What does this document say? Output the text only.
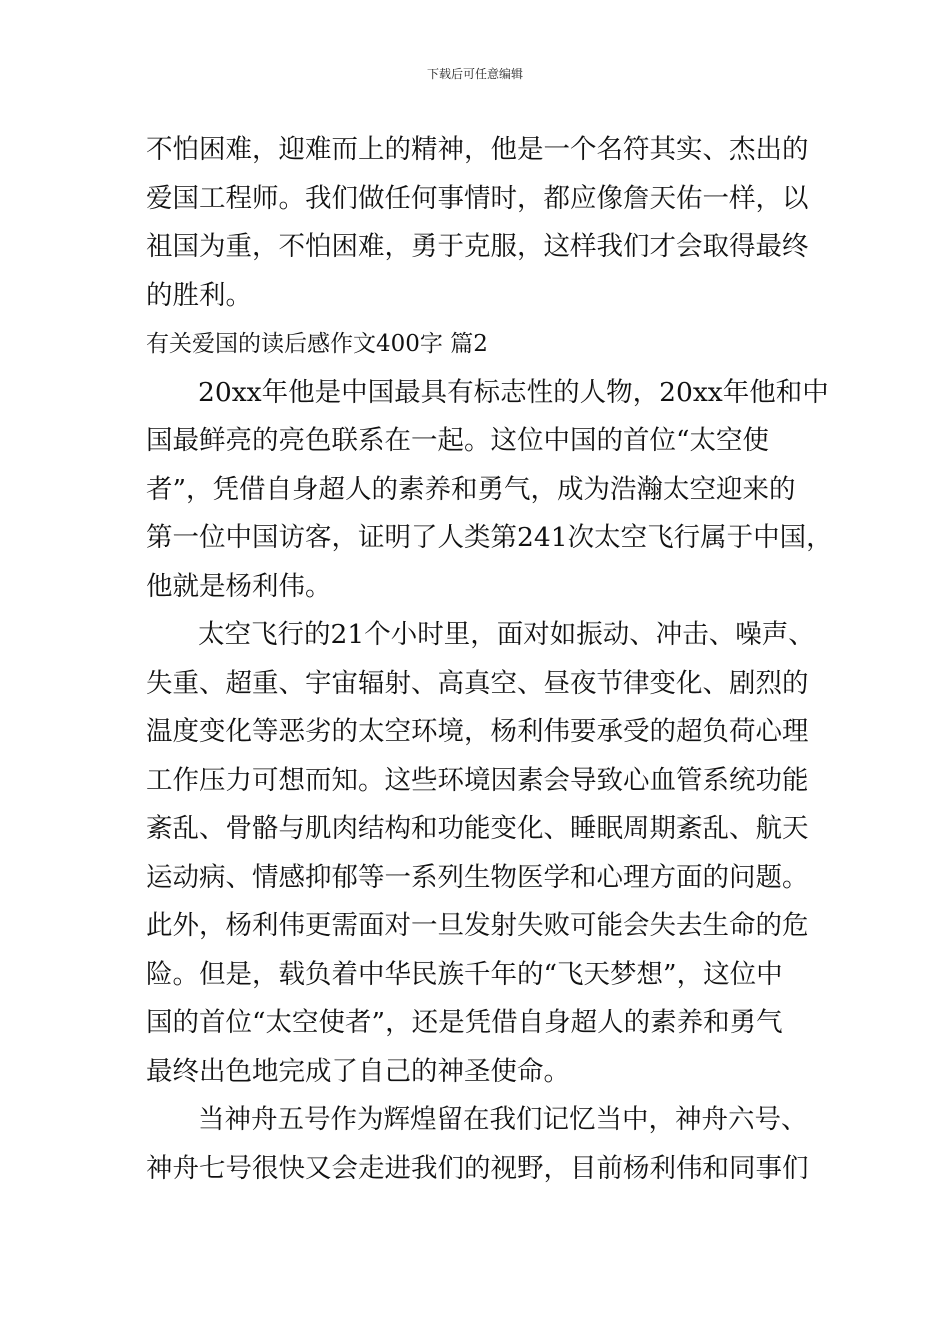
下载后可任意编辑
不怕困难，迎难而上的精神，他是一个名符其实、杰出的
爱国工程师。我们做任何事情时，都应像詹天佑一样，以
祖国为重，不怕困难，勇于克服，这样我们才会取得最终
的胜利。
有关爱国的读后感作文400字 篇2
20xx年他是中国最具有标志性的人物，20xx年他和中
国最鲜亮的亮色联系在一起。这位中国的首位“太空使
者”，凭借自身超人的素养和勇气，成为浩瀚太空迎来的
第一位中国访客，证明了人类第241次太空飞行属于中国，
他就是杨利伟。
太空飞行的21个小时里，面对如振动、冲击、噪声、
失重、超重、宇宙辐射、高真空、昼夜节律变化、剧烈的
温度变化等恶劣的太空环境，杨利伟要承受的超负荷心理
工作压力可想而知。这些环境因素会导致心血管系统功能
紊乱、骨骼与肌肉结构和功能变化、睡眠周期紊乱、航天
运动病、情感抑郁等一系列生物医学和心理方面的问题。
此外，杨利伟更需面对一旦发射失败可能会失去生命的危
险。但是，载负着中华民族千年的“飞天梦想”，这位中
国的首位“太空使者”，还是凭借自身超人的素养和勇气
最终出色地完成了自己的神圣使命。
当神舟五号作为辉煌留在我们记忆当中，神舟六号、
神舟七号很快又会走进我们的视野，目前杨利伟和同事们
